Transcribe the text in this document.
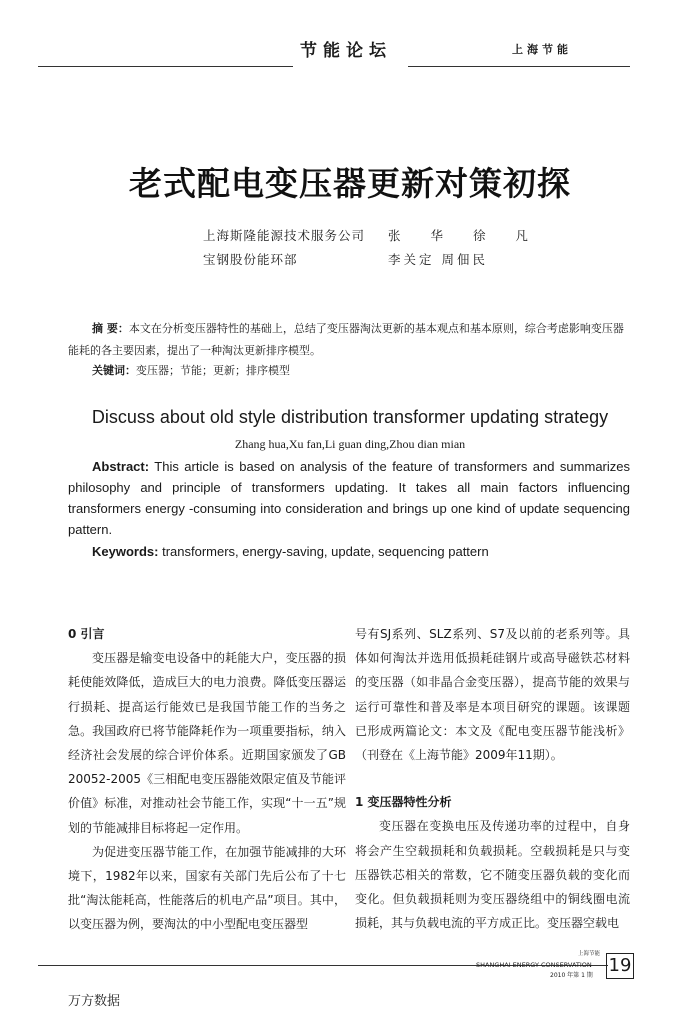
节能论坛	上海节能
老式配电变压器更新对策初探
上海斯隆能源技术服务公司 张 华 徐 凡
宝钢股份能环部	李关定 周佃民
摘 要：本文在分析变压器特性的基础上，总结了变压器淘汰更新的基本观点和基本原则，综合考虑影响变压器能耗的各主要因素，提出了一种淘汰更新排序模型。
关键词：变压器；节能；更新；排序模型
Discuss about old style distribution transformer updating strategy
Zhang hua,Xu fan,Li guan ding,Zhou dian mian
Abstract: This article is based on analysis of the feature of transformers and summarizes philosophy and principle of transformers updating. It takes all main factors influencing transformers energy -consuming into consideration and brings up one kind of update sequencing pattern.
Keywords: transformers, energy-saving, update, sequencing pattern
0 引言

变压器是输变电设备中的耗能大户，变压器的损耗使能效降低，造成巨大的电力浪费。降低变压器运行损耗、提高运行能效已是我国节能工作的当务之急。我国政府已将节能降耗作为一项重要指标，纳入经济社会发展的综合评价体系。近期国家颁发了GB 20052-2005《三相配电变压器能效限定值及节能评价值》标准，对推动社会节能工作，实现“十一五”规划的节能减排目标将起一定作用。

为促进变压器节能工作，在加强节能减排的大环境下，1982年以来，国家有关部门先后公布了十七批“淘汰能耗高，性能落后的机电产品”项目。其中，以变压器为例，要淘汰的中小型配电变压器型

号有SJ系列、SLZ系列、S7及以前的老系列等。具体如何淘汰并选用低损耗硅钢片或高导磁铁芯材料的变压器（如非晶合金变压器），提高节能的效果与运行可靠性和普及率是本项目研究的课题。该课题已形成两篇论文：本文及《配电变压器节能浅析》（刊登在《上海节能》2009年11期）。

1 变压器特性分析

变压器在变换电压及传递功率的过程中，自身将会产生空载损耗和负载损耗。空载损耗是只与变压器铁芯相关的常数，它不随变压器负载的变化而变化。但负载损耗则为变压器绕组中的铜线圈电流损耗，其与负载电流的平方成正比。变压器空载电

上海节能
SHANGHAI ENERGY CONSERVATION
2010 年第 1 期 19
万方数据
